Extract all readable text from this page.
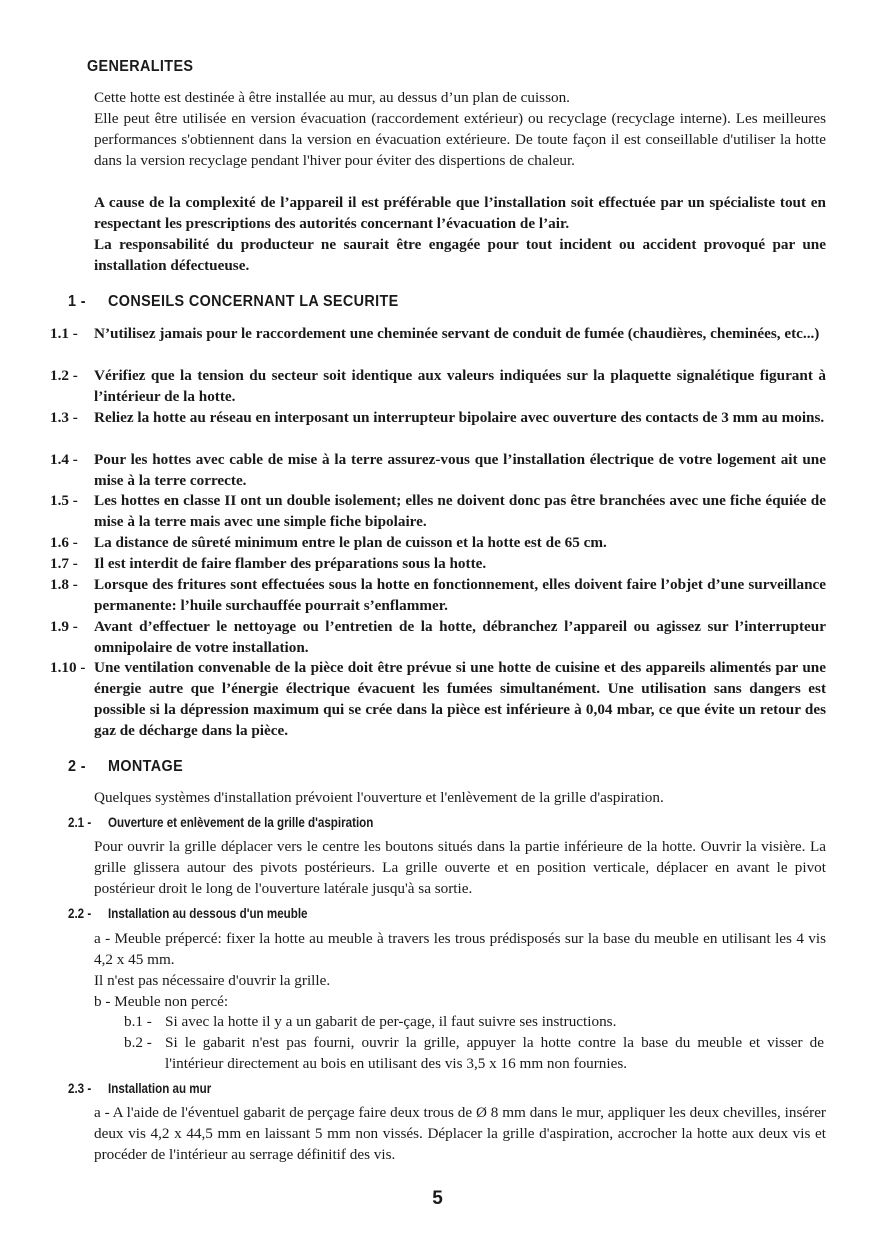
GENERALITES
Cette hotte est destinée à être installée au mur, au dessus d’un plan de cuisson.
Elle peut être utilisée en version évacuation (raccordement extérieur) ou recyclage (recyclage interne). Les meilleures performances s'obtiennent dans la version en évacuation extérieure. De toute façon il est conseillable d'utiliser la hotte dans la version recyclage pendant l'hiver pour éviter des dispertions de chaleur.
A cause de la complexité de l’appareil il est préférable que l’installation soit effectuée par un spécialiste tout en respectant les prescriptions des autorités concernant l’évacuation de l’air.
La responsabilité du producteur ne saurait être engagée pour tout incident ou accident provoqué par une installation défectueuse.
1 - CONSEILS CONCERNANT LA SECURITE
1.1 - N’utilisez jamais pour le raccordement une cheminée servant de conduit de fumée (chaudières, cheminées, etc...)
1.2 - Vérifiez que la tension du secteur soit identique aux valeurs indiquées sur la plaquette signalétique figurant à l’intérieur de la hotte.
1.3 - Reliez la hotte au réseau en interposant un interrupteur bipolaire avec ouverture des contacts de 3 mm au moins.
1.4 - Pour les hottes avec cable de mise à la terre assurez-vous que l’installation électrique de votre logement ait une mise à la terre correcte.
1.5 - Les hottes en classe II ont un double isolement; elles ne doivent donc pas être branchées avec une fiche équiée de mise à la terre mais avec une simple fiche bipolaire.
1.6 - La distance de sûreté minimum entre le plan de cuisson et la hotte est de 65 cm.
1.7 - Il est interdit de faire flamber des préparations sous la hotte.
1.8 - Lorsque des fritures sont effectuées sous la hotte en fonctionnement, elles doivent faire l’objet d’une surveillance permanente: l’huile surchauffée pourrait s’enflammer.
1.9 - Avant d’effectuer le nettoyage ou l’entretien de la hotte, débranchez l’appareil ou agissez sur l’interrupteur omnipolaire de votre installation.
1.10 - Une ventilation convenable de la pièce doit être prévue si une hotte de cuisine et des appareils alimentés par une énergie autre que l’énergie électrique évacuent les fumées simultanément. Une utilisation sans dangers est possible si la dépression maximum qui se crée dans la pièce est inférieure à 0,04 mbar, ce que évite un retour des gaz de décharge dans la pièce.
2 - MONTAGE
Quelques systèmes d'installation prévoient l'ouverture et l'enlèvement de la grille d'aspiration.
2.1 - Ouverture et enlèvement de la grille d'aspiration
Pour ouvrir la grille déplacer vers le centre les boutons situés dans la partie inférieure de la hotte. Ouvrir la visière. La grille glissera autour des pivots postérieurs. La grille ouverte et en position verticale, déplacer en avant le pivot postérieur droit le long de l'ouverture latérale jusqu'à sa sortie.
2.2 - Installation au dessous d'un meuble
a - Meuble prépercé: fixer la hotte au meuble à travers les trous prédisposés sur la base du meuble en utilisant les 4 vis 4,2 x 45 mm.
Il n'est pas nécessaire d'ouvrir la grille.
b - Meuble non percé:
b.1 - Si avec la hotte il y a un gabarit de per-çage, il faut suivre ses instructions.
b.2 - Si le gabarit n'est pas fourni, ouvrir la grille, appuyer la hotte contre la base du meuble et visser de l'intérieur directement au bois en utilisant des vis 3,5 x 16 mm non fournies.
2.3 - Installation au mur
a - A l'aide de l'éventuel gabarit de perçage faire deux trous de Ø 8 mm dans le mur, appliquer les deux chevilles, insérer deux vis 4,2 x 44,5 mm en laissant 5 mm non vissés. Déplacer la grille d'aspiration, accrocher la hotte aux deux vis et procéder de l'intérieur au serrage définitif des vis.
5
